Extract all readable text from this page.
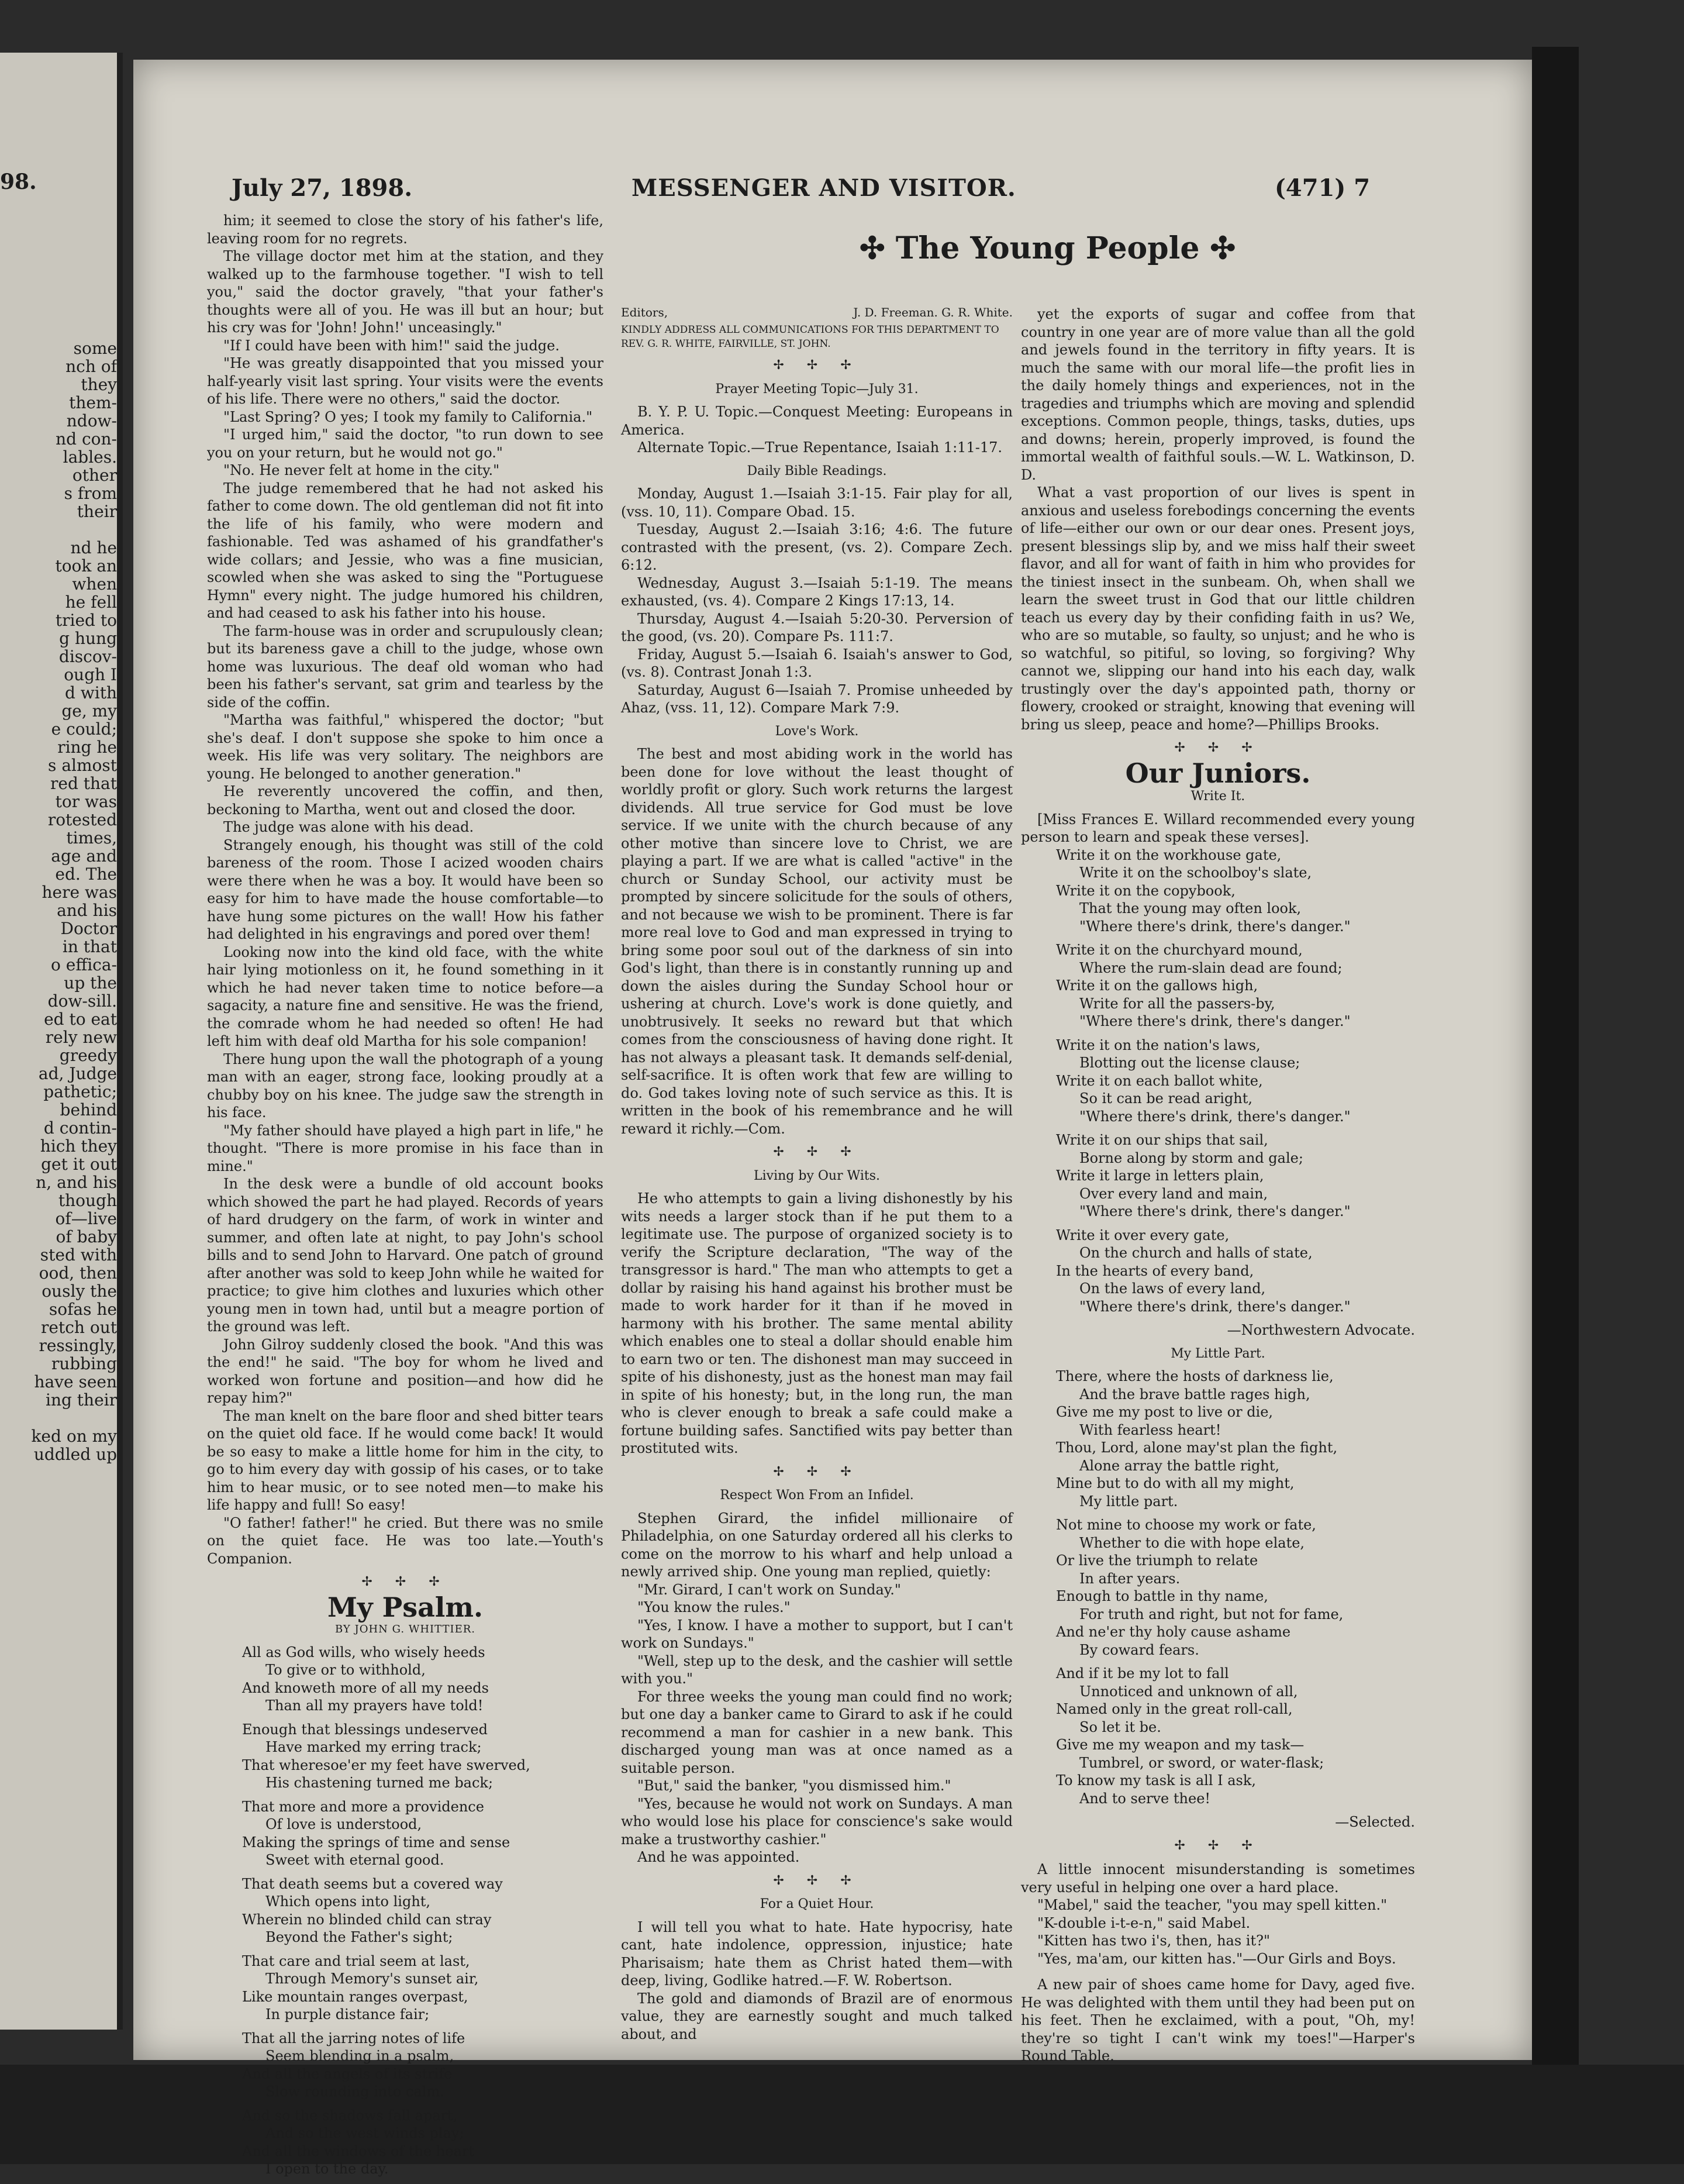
98.
some
nch of
they
them-
ndow-
nd con-
lables.
other
s from
their

nd he
took an
when
he fell
tried to
g hung
discov-
ough I
d with
ge, my
e could;
ring he
s almost
red that
tor was
rotested
times,
age and
ed. The
here was
and his
Doctor
in that
o effica-
up the
dow-sill.
ed to eat
rely new
greedy
ad, Judge
pathetic;
behind
d contin-
hich they
get it out
n, and his
though
of—live
of baby
sted with
ood, then
ously the
sofas he
retch out
ressingly,
rubbing
have seen
ing their

ked on my
uddled up
July 27, 1898.	MESSENGER AND VISITOR.	(471) 7

him; it seemed to close the story of his father's life, leaving room for no regrets.

The village doctor met him at the station, and they walked up to the farmhouse together. "I wish to tell you," said the doctor gravely, "that your father's thoughts were all of you. He was ill but an hour; but his cry was for 'John! John!' unceasingly."

"If I could have been with him!" said the judge.

"He was greatly disappointed that you missed your half-yearly visit last spring. Your visits were the events of his life. There were no others," said the doctor.

"Last Spring? O yes; I took my family to California."

"I urged him," said the doctor, "to run down to see you on your return, but he would not go."

"No. He never felt at home in the city."

The judge remembered that he had not asked his father to come down. The old gentleman did not fit into the life of his family, who were modern and fashionable. Ted was ashamed of his grandfather's wide collars; and Jessie, who was a fine musician, scowled when she was asked to sing the "Portuguese Hymn" every night. The judge humored his children, and had ceased to ask his father into his house.

The farm-house was in order and scrupulously clean; but its bareness gave a chill to the judge, whose own home was luxurious. The deaf old woman who had been his father's servant, sat grim and tearless by the side of the coffin.

"Martha was faithful," whispered the doctor; "but she's deaf. I don't suppose she spoke to him once a week. His life was very solitary. The neighbors are young. He belonged to another generation."

He reverently uncovered the coffin, and then, beckoning to Martha, went out and closed the door.

The judge was alone with his dead.

Strangely enough, his thought was still of the cold bareness of the room. Those I acized wooden chairs were there when he was a boy. It would have been so easy for him to have made the house comfortable—to have hung some pictures on the wall! How his father had delighted in his engravings and pored over them!

Looking now into the kind old face, with the white hair lying motionless on it, he found something in it which he had never taken time to notice before—a sagacity, a nature fine and sensitive. He was the friend, the comrade whom he had needed so often! He had left him with deaf old Martha for his sole companion!

There hung upon the wall the photograph of a young man with an eager, strong face, looking proudly at a chubby boy on his knee. The judge saw the strength in his face.

"My father should have played a high part in life," he thought. "There is more promise in his face than in mine."

In the desk were a bundle of old account books which showed the part he had played. Records of years of hard drudgery on the farm, of work in winter and summer, and often late at night, to pay John's school bills and to send John to Harvard. One patch of ground after another was sold to keep John while he waited for practice; to give him clothes and luxuries which other young men in town had, until but a meagre portion of the ground was left.

John Gilroy suddenly closed the book. "And this was the end!" he said. "The boy for whom he lived and worked won fortune and position—and how did he repay him?"

The man knelt on the bare floor and shed bitter tears on the quiet old face. If he would come back! It would be so easy to make a little home for him in the city, to go to him every day with gossip of his cases, or to take him to hear music, or to see noted men—to make his life happy and full! So easy!

"O father! father!" he cried. But there was no smile on the quiet face. He was too late.—Youth's Companion.

✢ ✢ ✢
My Psalm.
BY JOHN G. WHITTIER.
All as God wills, who wisely heeds
To give or to withhold,
And knoweth more of all my needs
Than all my prayers have told!
Enough that blessings undeserved
Have marked my erring track;
That wheresoe'er my feet have swerved,
His chastening turned me back;
That more and more a providence
Of love is understood,
Making the springs of time and sense
Sweet with eternal good.
That death seems but a covered way
Which opens into light,
Wherein no blinded child can stray
Beyond the Father's sight;
That care and trial seem at last,
Through Memory's sunset air,
Like mountain ranges overpast,
In purple distance fair;
That all the jarring notes of life
Seem blending in a psalm,
And all the angels of its strife
Slow rounding into calm.
And so the shadows fall apart,
And so the west winds play;
And all the windows of the heart
I open to the day.
✣ The Young People ✣
Editors,	J. D. Freeman. G. R. White.
KINDLY ADDRESS ALL COMMUNICATIONS FOR THIS DEPARTMENT TO REV. G. R. WHITE, FAIRVILLE, ST. JOHN.
✢ ✢ ✢
Prayer Meeting Topic—July 31.

B. Y. P. U. Topic.—Conquest Meeting: Europeans in America.

Alternate Topic.—True Repentance, Isaiah 1:11-17.

Daily Bible Readings.

Monday, August 1.—Isaiah 3:1-15. Fair play for all, (vss. 10, 11). Compare Obad. 15.

Tuesday, August 2.—Isaiah 3:16; 4:6. The future contrasted with the present, (vs. 2). Compare Zech. 6:12.

Wednesday, August 3.—Isaiah 5:1-19. The means exhausted, (vs. 4). Compare 2 Kings 17:13, 14.

Thursday, August 4.—Isaiah 5:20-30. Perversion of the good, (vs. 20). Compare Ps. 111:7.

Friday, August 5.—Isaiah 6. Isaiah's answer to God, (vs. 8). Contrast Jonah 1:3.

Saturday, August 6—Isaiah 7. Promise unheeded by Ahaz, (vss. 11, 12). Compare Mark 7:9.

Love's Work.

The best and most abiding work in the world has been done for love without the least thought of worldly profit or glory. Such work returns the largest dividends. All true service for God must be love service. If we unite with the church because of any other motive than sincere love to Christ, we are playing a part. If we are what is called "active" in the church or Sunday School, our activity must be prompted by sincere solicitude for the souls of others, and not because we wish to be prominent. There is far more real love to God and man expressed in trying to bring some poor soul out of the darkness of sin into God's light, than there is in constantly running up and down the aisles during the Sunday School hour or ushering at church. Love's work is done quietly, and unobtrusively. It seeks no reward but that which comes from the consciousness of having done right. It has not always a pleasant task. It demands self-denial, self-sacrifice. It is often work that few are willing to do. God takes loving note of such service as this. It is written in the book of his remembrance and he will reward it richly.—Com.

✢ ✢ ✢
Living by Our Wits.

He who attempts to gain a living dishonestly by his wits needs a larger stock than if he put them to a legitimate use. The purpose of organized society is to verify the Scripture declaration, "The way of the transgressor is hard." The man who attempts to get a dollar by raising his hand against his brother must be made to work harder for it than if he moved in harmony with his brother. The same mental ability which enables one to steal a dollar should enable him to earn two or ten. The dishonest man may succeed in spite of his dishonesty, just as the honest man may fail in spite of his honesty; but, in the long run, the man who is clever enough to break a safe could make a fortune building safes. Sanctified wits pay better than prostituted wits.

✢ ✢ ✢
Respect Won From an Infidel.

Stephen Girard, the infidel millionaire of Philadelphia, on one Saturday ordered all his clerks to come on the morrow to his wharf and help unload a newly arrived ship. One young man replied, quietly:

"Mr. Girard, I can't work on Sunday."

"You know the rules."

"Yes, I know. I have a mother to support, but I can't work on Sundays."

"Well, step up to the desk, and the cashier will settle with you."

For three weeks the young man could find no work; but one day a banker came to Girard to ask if he could recommend a man for cashier in a new bank. This discharged young man was at once named as a suitable person.

"But," said the banker, "you dismissed him."

"Yes, because he would not work on Sundays. A man who would lose his place for conscience's sake would make a trustworthy cashier."

And he was appointed.

✢ ✢ ✢
For a Quiet Hour.

I will tell you what to hate. Hate hypocrisy, hate cant, hate indolence, oppression, injustice; hate Pharisaism; hate them as Christ hated them—with deep, living, Godlike hatred.—F. W. Robertson.

The gold and diamonds of Brazil are of enormous value, they are earnestly sought and much talked about, and

yet the exports of sugar and coffee from that country in one year are of more value than all the gold and jewels found in the territory in fifty years. It is much the same with our moral life—the profit lies in the daily homely things and experiences, not in the tragedies and triumphs which are moving and splendid exceptions. Common people, things, tasks, duties, ups and downs; herein, properly improved, is found the immortal wealth of faithful souls.—W. L. Watkinson, D. D.

What a vast proportion of our lives is spent in anxious and useless forebodings concerning the events of life—either our own or our dear ones. Present joys, present blessings slip by, and we miss half their sweet flavor, and all for want of faith in him who provides for the tiniest insect in the sunbeam. Oh, when shall we learn the sweet trust in God that our little children teach us every day by their confiding faith in us? We, who are so mutable, so faulty, so unjust; and he who is so watchful, so pitiful, so loving, so forgiving? Why cannot we, slipping our hand into his each day, walk trustingly over the day's appointed path, thorny or flowery, crooked or straight, knowing that evening will bring us sleep, peace and home?—Phillips Brooks.

✢ ✢ ✢
Our Juniors.
Write It.

[Miss Frances E. Willard recommended every young person to learn and speak these verses].

Write it on the workhouse gate,
Write it on the schoolboy's slate,
Write it on the copybook,
That the young may often look,
"Where there's drink, there's danger."
Write it on the churchyard mound,
Where the rum-slain dead are found;
Write it on the gallows high,
Write for all the passers-by,
"Where there's drink, there's danger."
Write it on the nation's laws,
Blotting out the license clause;
Write it on each ballot white,
So it can be read aright,
"Where there's drink, there's danger."
Write it on our ships that sail,
Borne along by storm and gale;
Write it large in letters plain,
Over every land and main,
"Where there's drink, there's danger."
Write it over every gate,
On the church and halls of state,
In the hearts of every band,
On the laws of every land,
"Where there's drink, there's danger."

—Northwestern Advocate.

My Little Part.
There, where the hosts of darkness lie,
And the brave battle rages high,
Give me my post to live or die,
With fearless heart!
Thou, Lord, alone may'st plan the fight,
Alone array the battle right,
Mine but to do with all my might,
My little part.
Not mine to choose my work or fate,
Whether to die with hope elate,
Or live the triumph to relate
In after years.
Enough to battle in thy name,
For truth and right, but not for fame,
And ne'er thy holy cause ashame
By coward fears.
And if it be my lot to fall
Unnoticed and unknown of all,
Named only in the great roll-call,
So let it be.
Give me my weapon and my task—
Tumbrel, or sword, or water-flask;
To know my task is all I ask,
And to serve thee!

—Selected.

✢ ✢ ✢

A little innocent misunderstanding is sometimes very useful in helping one over a hard place.

"Mabel," said the teacher, "you may spell kitten."

"K-double i-t-e-n," said Mabel.

"Kitten has two i's, then, has it?"

"Yes, ma'am, our kitten has."—Our Girls and Boys.

A new pair of shoes came home for Davy, aged five. He was delighted with them until they had been put on his feet. Then he exclaimed, with a pout, "Oh, my! they're so tight I can't wink my toes!"—Harper's Round Table.
